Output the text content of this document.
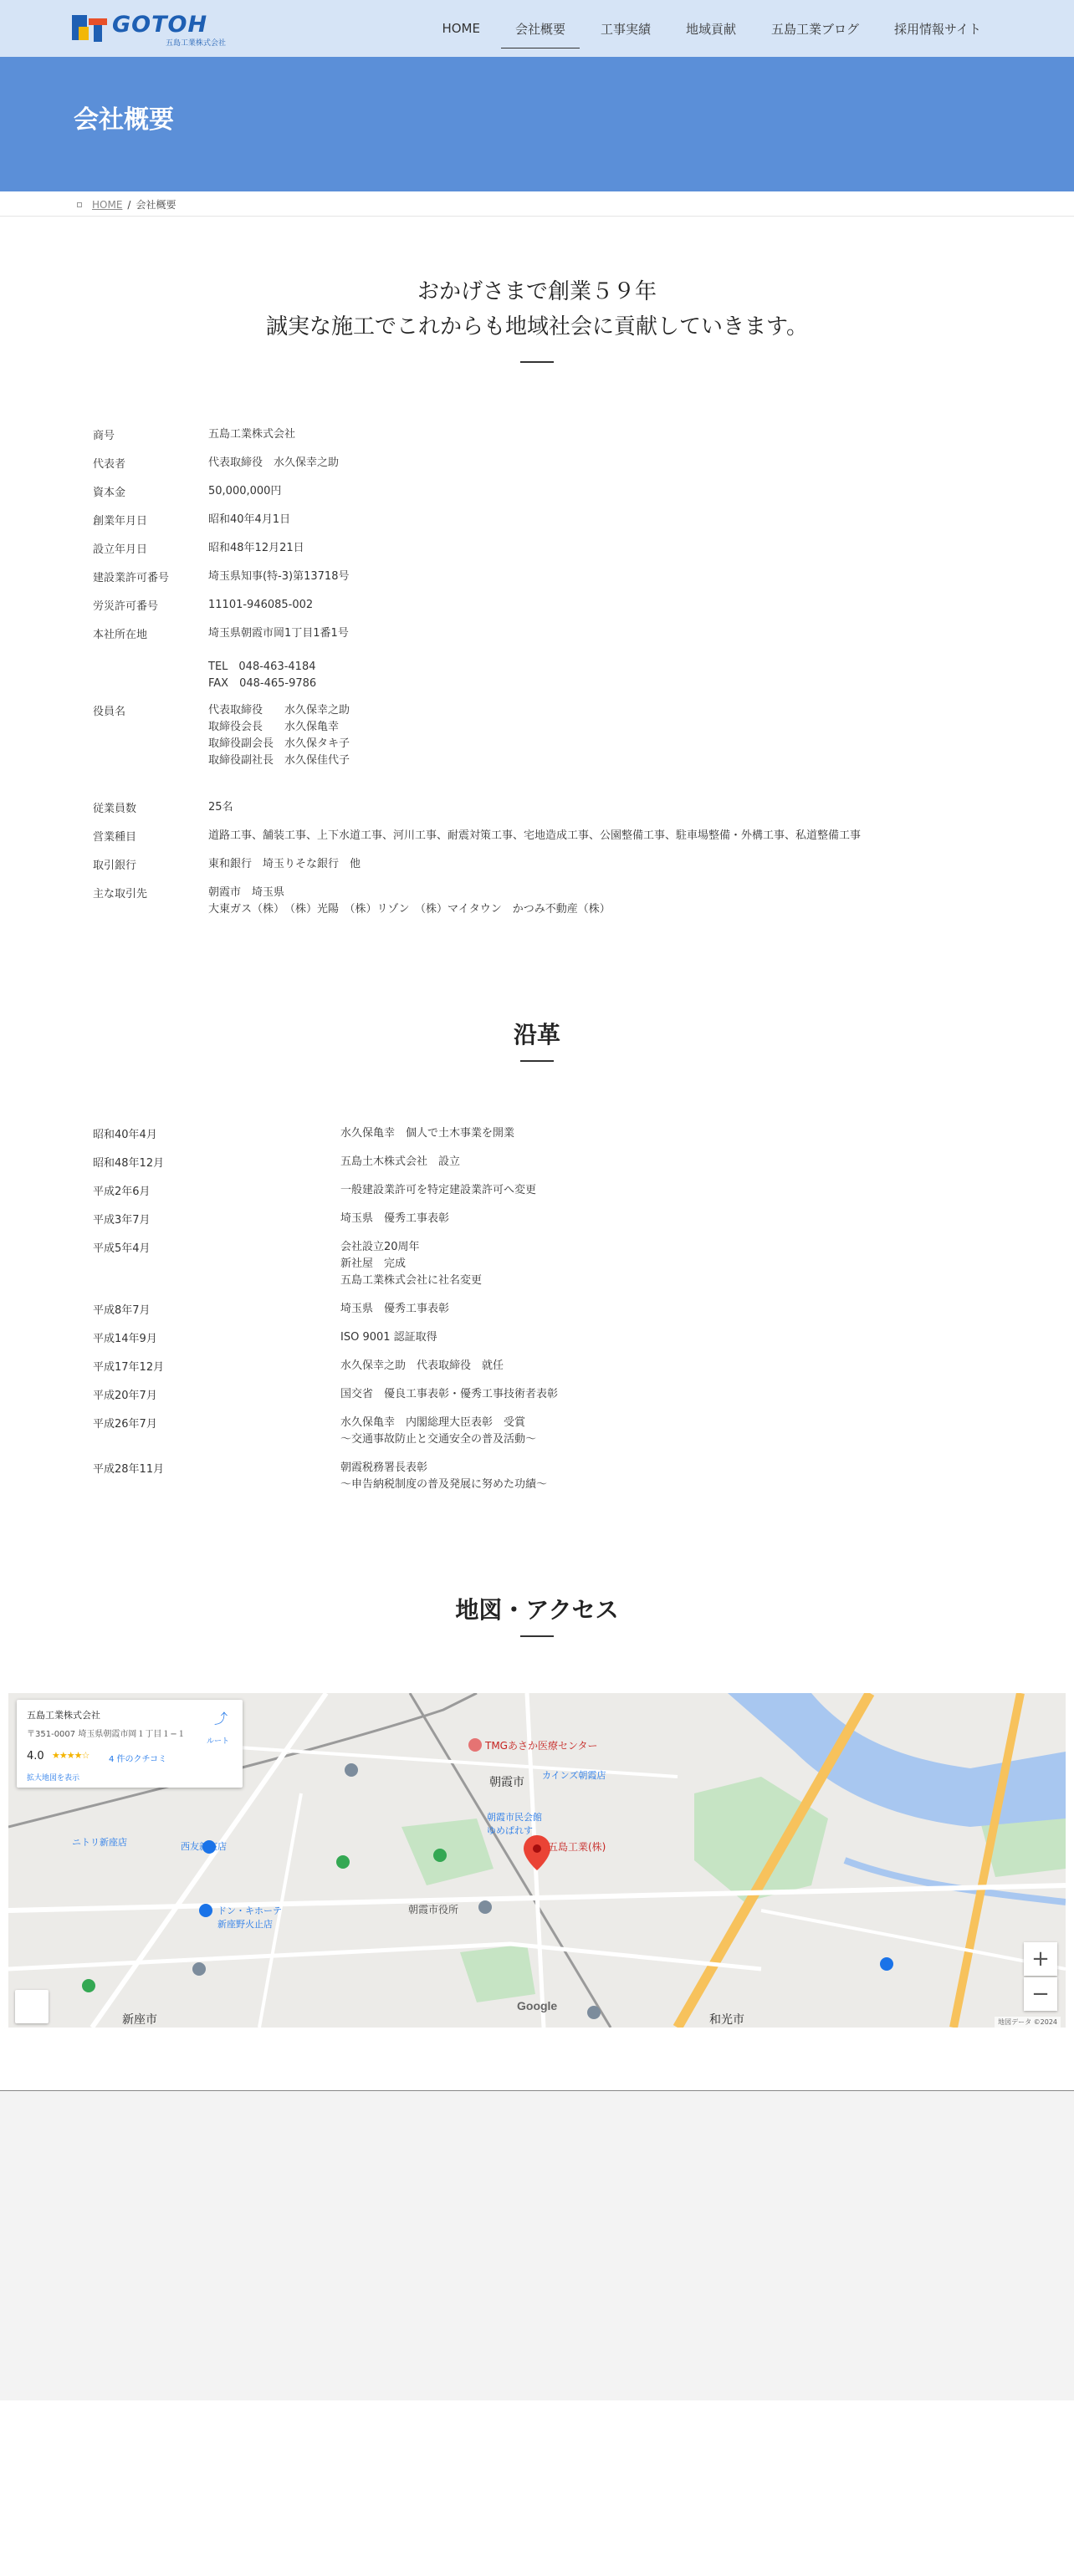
GOTOH
五島工業株式会社
HOME	会社概要	工事実績	地域貢献	五島工業ブログ	採用情報サイト
会社概要
HOME / 会社概要
おかげさまで創業５９年
誠実な施工でこれからも地域社会に貢献していきます。
商号	五島工業株式会社
代表者	代表取締役　水久保幸之助
資本金	50,000,000円
創業年月日	昭和40年4月1日
設立年月日	昭和48年12月21日
建設業許可番号	埼玉県知事(特-3)第13718号
労災許可番号	11101-946085-002
本社所在地	埼玉県朝霞市岡1丁目1番1号

TEL　048-463-4184
FAX　048-465-9786
役員名	代表取締役　　水久保幸之助
取締役会長　　水久保亀幸
取締役副会長　水久保タキ子
取締役副社長　水久保佳代子
従業員数	25名
営業種目	道路工事、舗装工事、上下水道工事、河川工事、耐震対策工事、宅地造成工事、公園整備工事、駐車場整備・外構工事、私道整備工事
取引銀行	東和銀行　埼玉りそな銀行　他
主な取引先	朝霞市　埼玉県
大東ガス（株）　（株）光陽　（株）リゾン　（株）マイタウン　かつみ不動産（株）
沿革
昭和40年4月	水久保亀幸　個人で土木事業を開業
昭和48年12月	五島土木株式会社　設立
平成2年6月	一般建設業許可を特定建設業許可へ変更
平成3年7月	埼玉県　優秀工事表彰
平成5年4月	会社設立20周年
新社屋　完成
五島工業株式会社に社名変更
平成8年7月	埼玉県　優秀工事表彰
平成14年9月	ISO 9001 認証取得
平成17年12月	水久保幸之助　代表取締役　就任
平成20年7月	国交省　優良工事表彰・優秀工事技術者表彰
平成26年7月	水久保亀幸　内閣総理大臣表彰　受賞
～交通事故防止と交通安全の普及活動～
平成28年11月	朝霞税務署長表彰
～申告納税制度の普及発展に努めた功績～
地図・アクセス
五島工業(株)
朝霞市
TMGあさか医療センター
カインズ朝霞店
朝霞市民会館
ゆめぱれす
朝霞市役所
和光市
新座市
ニトリ新座店	西友新座店
ドン・キホーテ
新座野火止店
五島工業株式会社
〒351-0007 埼玉県朝霞市岡１丁目１−１
4.0 ★★★★☆ 4 件のクチコミ
拡大地図を表示
⤴
ルート
+
−
Google
地図データ ©2024
